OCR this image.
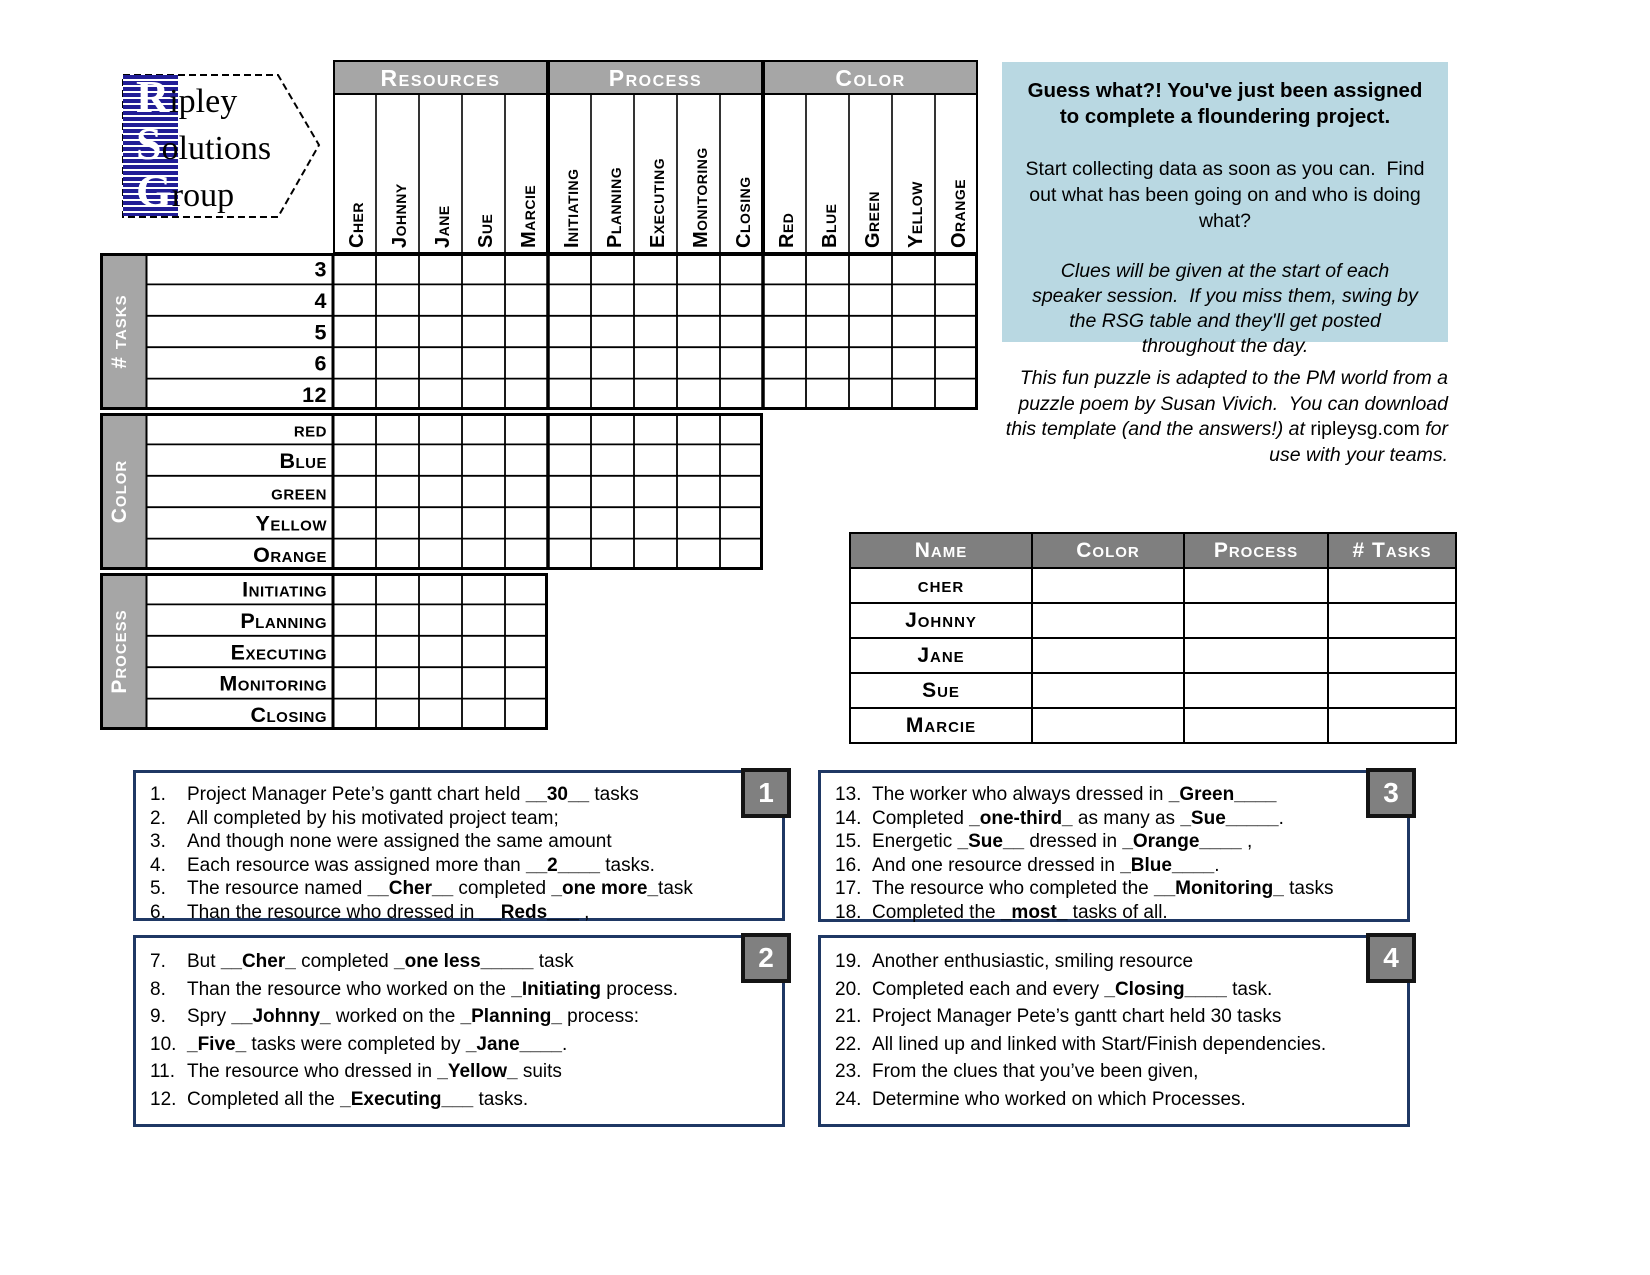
Ripley
Solutions
Group
Resources
Cher Johnny Jane Sue Marcie
Process
Initiating Planning Executing Monitoring Closing
Color
Red Blue Green Yellow Orange
# tasks
3
4
5
6
12
Color
red
Blue
green
Yellow
Orange
Process
Initiating
Planning
Executing
Monitoring
Closing
Guess what?! You've just been assigned to complete a floundering project.
Start collecting data as soon as you can.  Find out what has been going on and who is doing what?
Clues will be given at the start of each speaker session.  If you miss them, swing by the RSG table and they'll get posted throughout the day.
This fun puzzle is adapted to the PM world from a puzzle poem by Susan Vivich.  You can download this template (and the answers!) at ripleysg.com for use with your teams.
Name	Color	Process	# Tasks
cher			
Johnny			
Jane			
Sue			
Marcie			
1
1.	Project Manager Pete’s gantt chart held __30__ tasks
2.	All completed by his motivated project team;
3.	And though none were assigned the same amount
4.	Each resource was assigned more than __2____ tasks.
5.	The resource named __Cher__ completed _one more_task
6.	Than the resource who dressed in __Reds___ ,
2
7.	But __Cher_ completed _one less_____ task
8.	Than the resource who worked on the _Initiating process.
9.	Spry __Johnny_ worked on the _Planning_ process:
10. _Five_ tasks were completed by _Jane____.
11. The resource who dressed in _Yellow_ suits
12. Completed all the _Executing___ tasks.
3
13. The worker who always dressed in _Green____
14. Completed _one-third_ as many as _Sue_____.
15. Energetic _Sue__ dressed in _Orange____ ,
16. And one resource dressed in _Blue____.
17. The resource who completed the __Monitoring_ tasks
18. Completed the _most_ tasks of all.
4
19. Another enthusiastic, smiling resource
20. Completed each and every _Closing____ task.
21. Project Manager Pete’s gantt chart held 30 tasks
22. All lined up and linked with Start/Finish dependencies.
23. From the clues that you’ve been given,
24. Determine who worked on which Processes.
